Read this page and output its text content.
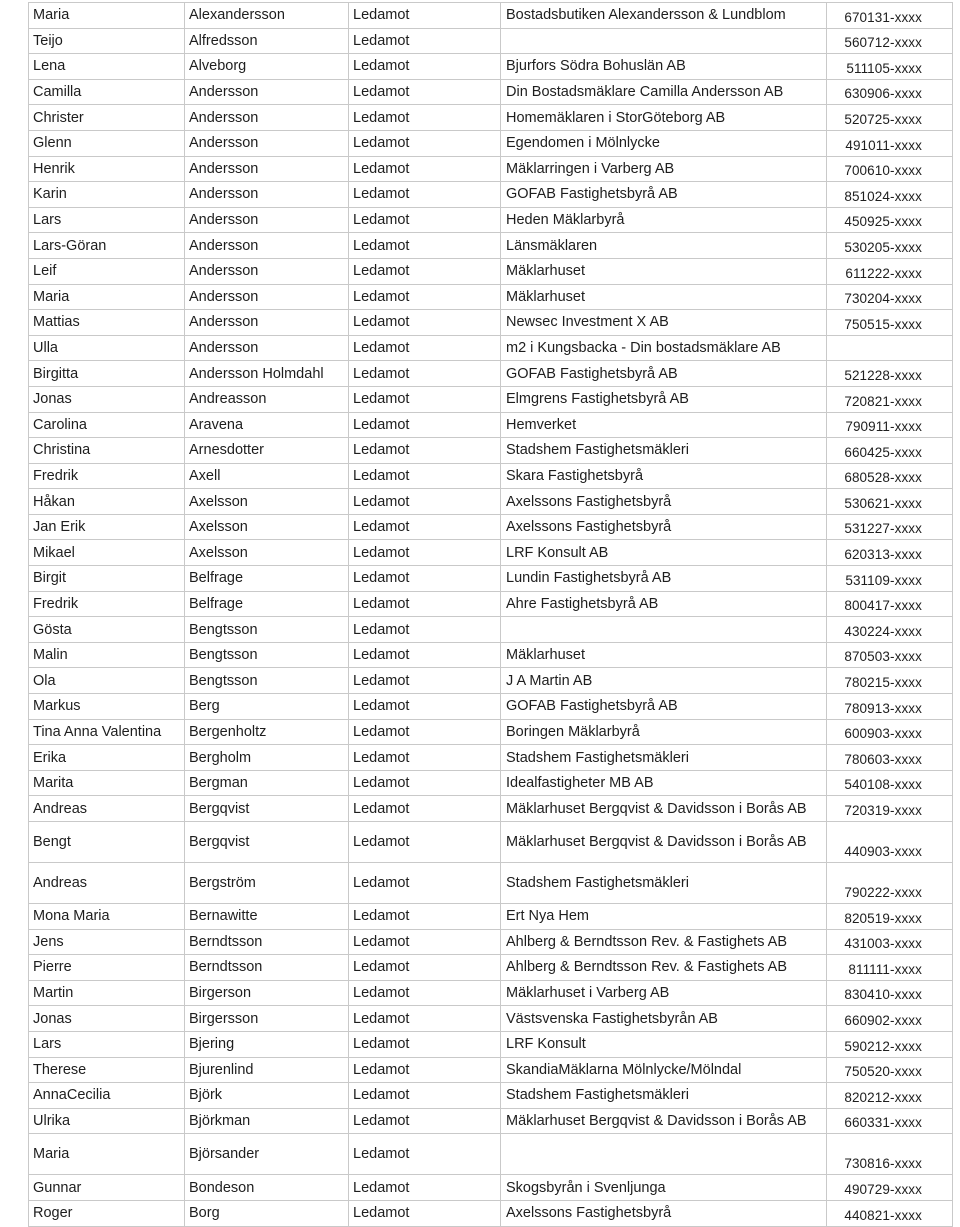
Maria	Alexandersson	Ledamot	Bostadsbutiken Alexandersson & Lundblom	670131-xxxx
Teijo	Alfredsson	Ledamot		560712-xxxx
Lena	Alveborg	Ledamot	Bjurfors Södra Bohuslän AB	511105-xxxx
Camilla	Andersson	Ledamot	Din Bostadsmäklare Camilla Andersson AB	630906-xxxx
Christer	Andersson	Ledamot	Homemäklaren i StorGöteborg AB	520725-xxxx
Glenn	Andersson	Ledamot	Egendomen i Mölnlycke	491011-xxxx
Henrik	Andersson	Ledamot	Mäklarringen i Varberg AB	700610-xxxx
Karin	Andersson	Ledamot	GOFAB Fastighetsbyrå AB	851024-xxxx
Lars	Andersson	Ledamot	Heden Mäklarbyrå	450925-xxxx
Lars-Göran	Andersson	Ledamot	Länsmäklaren	530205-xxxx
Leif	Andersson	Ledamot	Mäklarhuset	611222-xxxx
Maria	Andersson	Ledamot	Mäklarhuset	730204-xxxx
Mattias	Andersson	Ledamot	Newsec Investment X AB	750515-xxxx
Ulla	Andersson	Ledamot	m2 i Kungsbacka - Din bostadsmäklare AB	
Birgitta	Andersson Holmdahl	Ledamot	GOFAB Fastighetsbyrå AB	521228-xxxx
Jonas	Andreasson	Ledamot	Elmgrens Fastighetsbyrå AB	720821-xxxx
Carolina	Aravena	Ledamot	Hemverket	790911-xxxx
Christina	Arnesdotter	Ledamot	Stadshem Fastighetsmäkleri	660425-xxxx
Fredrik	Axell	Ledamot	Skara Fastighetsbyrå	680528-xxxx
Håkan	Axelsson	Ledamot	Axelssons Fastighetsbyrå	530621-xxxx
Jan Erik	Axelsson	Ledamot	Axelssons Fastighetsbyrå	531227-xxxx
Mikael	Axelsson	Ledamot	LRF Konsult AB	620313-xxxx
Birgit	Belfrage	Ledamot	Lundin Fastighetsbyrå AB	531109-xxxx
Fredrik	Belfrage	Ledamot	Ahre Fastighetsbyrå AB	800417-xxxx
Gösta	Bengtsson	Ledamot		430224-xxxx
Malin	Bengtsson	Ledamot	Mäklarhuset	870503-xxxx
Ola	Bengtsson	Ledamot	J A Martin AB	780215-xxxx
Markus	Berg	Ledamot	GOFAB Fastighetsbyrå AB	780913-xxxx
Tina Anna Valentina	Bergenholtz	Ledamot	Boringen Mäklarbyrå	600903-xxxx
Erika	Bergholm	Ledamot	Stadshem Fastighetsmäkleri	780603-xxxx
Marita	Bergman	Ledamot	Idealfastigheter MB AB	540108-xxxx
Andreas	Bergqvist	Ledamot	Mäklarhuset Bergqvist & Davidsson i Borås AB	720319-xxxx
Bengt	Bergqvist	Ledamot	Mäklarhuset Bergqvist & Davidsson i Borås AB	440903-xxxx
Andreas	Bergström	Ledamot	Stadshem Fastighetsmäkleri	790222-xxxx
Mona Maria	Bernawitte	Ledamot	Ert Nya Hem	820519-xxxx
Jens	Berndtsson	Ledamot	Ahlberg & Berndtsson Rev. & Fastighets AB	431003-xxxx
Pierre	Berndtsson	Ledamot	Ahlberg & Berndtsson Rev. & Fastighets AB	811111-xxxx
Martin	Birgerson	Ledamot	Mäklarhuset i Varberg AB	830410-xxxx
Jonas	Birgersson	Ledamot	Västsvenska Fastighetsbyrån AB	660902-xxxx
Lars	Bjering	Ledamot	LRF Konsult	590212-xxxx
Therese	Bjurenlind	Ledamot	SkandiaMäklarna Mölnlycke/Mölndal	750520-xxxx
AnnaCecilia	Björk	Ledamot	Stadshem Fastighetsmäkleri	820212-xxxx
Ulrika	Björkman	Ledamot	Mäklarhuset Bergqvist & Davidsson i Borås AB	660331-xxxx
Maria	Björsander	Ledamot		730816-xxxx
Gunnar	Bondeson	Ledamot	Skogsbyrån i Svenljunga	490729-xxxx
Roger	Borg	Ledamot	Axelssons Fastighetsbyrå	440821-xxxx
